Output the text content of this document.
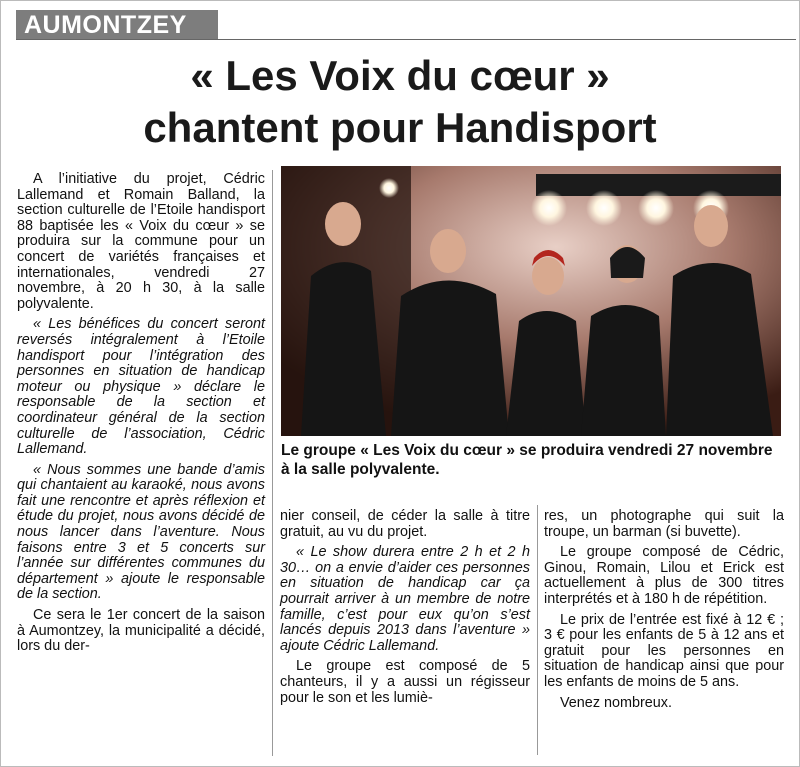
AUMONTZEY
« Les Voix du cœur »
chantent pour Handisport

A l’initiative du projet, Cédric Lallemand et Romain Balland, la section culturelle de l’Etoile handisport 88 baptisée les « Voix du cœur » se produira sur la commune pour un concert de variétés françaises et internationales, vendredi 27 novembre, à 20 h 30, à la salle polyvalente.

« Les bénéfices du concert seront reversés intégralement à l’Etoile handisport pour l’intégration des personnes en situation de handicap moteur ou physique » déclare le responsable de la section et coordinateur général de la section culturelle de l’association, Cédric Lallemand.

« Nous sommes une bande d’amis qui chantaient au karaoké, nous avons fait une rencontre et après réflexion et étude du projet, nous avons décidé de nous lancer dans l’aventure. Nous faisons entre 3 et 5 concerts sur l’année sur différentes communes du département » ajoute le responsable de la section.

Ce sera le 1er concert de la saison à Aumontzey, la municipalité a décidé, lors du der-

Le groupe « Les Voix du cœur » se produira vendredi 27 novembre à la salle polyvalente.

nier conseil, de céder la salle à titre gratuit, au vu du projet.

« Le show durera entre 2 h et 2 h 30… on a envie d’aider ces personnes en situation de handicap car ça pourrait arriver à un membre de notre famille, c’est pour eux qu’on s’est lancés depuis 2013 dans l’aventure » ajoute Cédric Lallemand.

Le groupe est composé de 5 chanteurs, il y a aussi un régisseur pour le son et les lumiè-

res, un photographe qui suit la troupe, un barman (si buvette).

Le groupe composé de Cédric, Ginou, Romain, Lilou et Erick est actuellement à plus de 300 titres interprétés et à 180 h de répétition.

Le prix de l’entrée est fixé à 12 € ; 3 € pour les enfants de 5 à 12 ans et gratuit pour les personnes en situation de handicap ainsi que pour les enfants de moins de 5 ans.

Venez nombreux.
